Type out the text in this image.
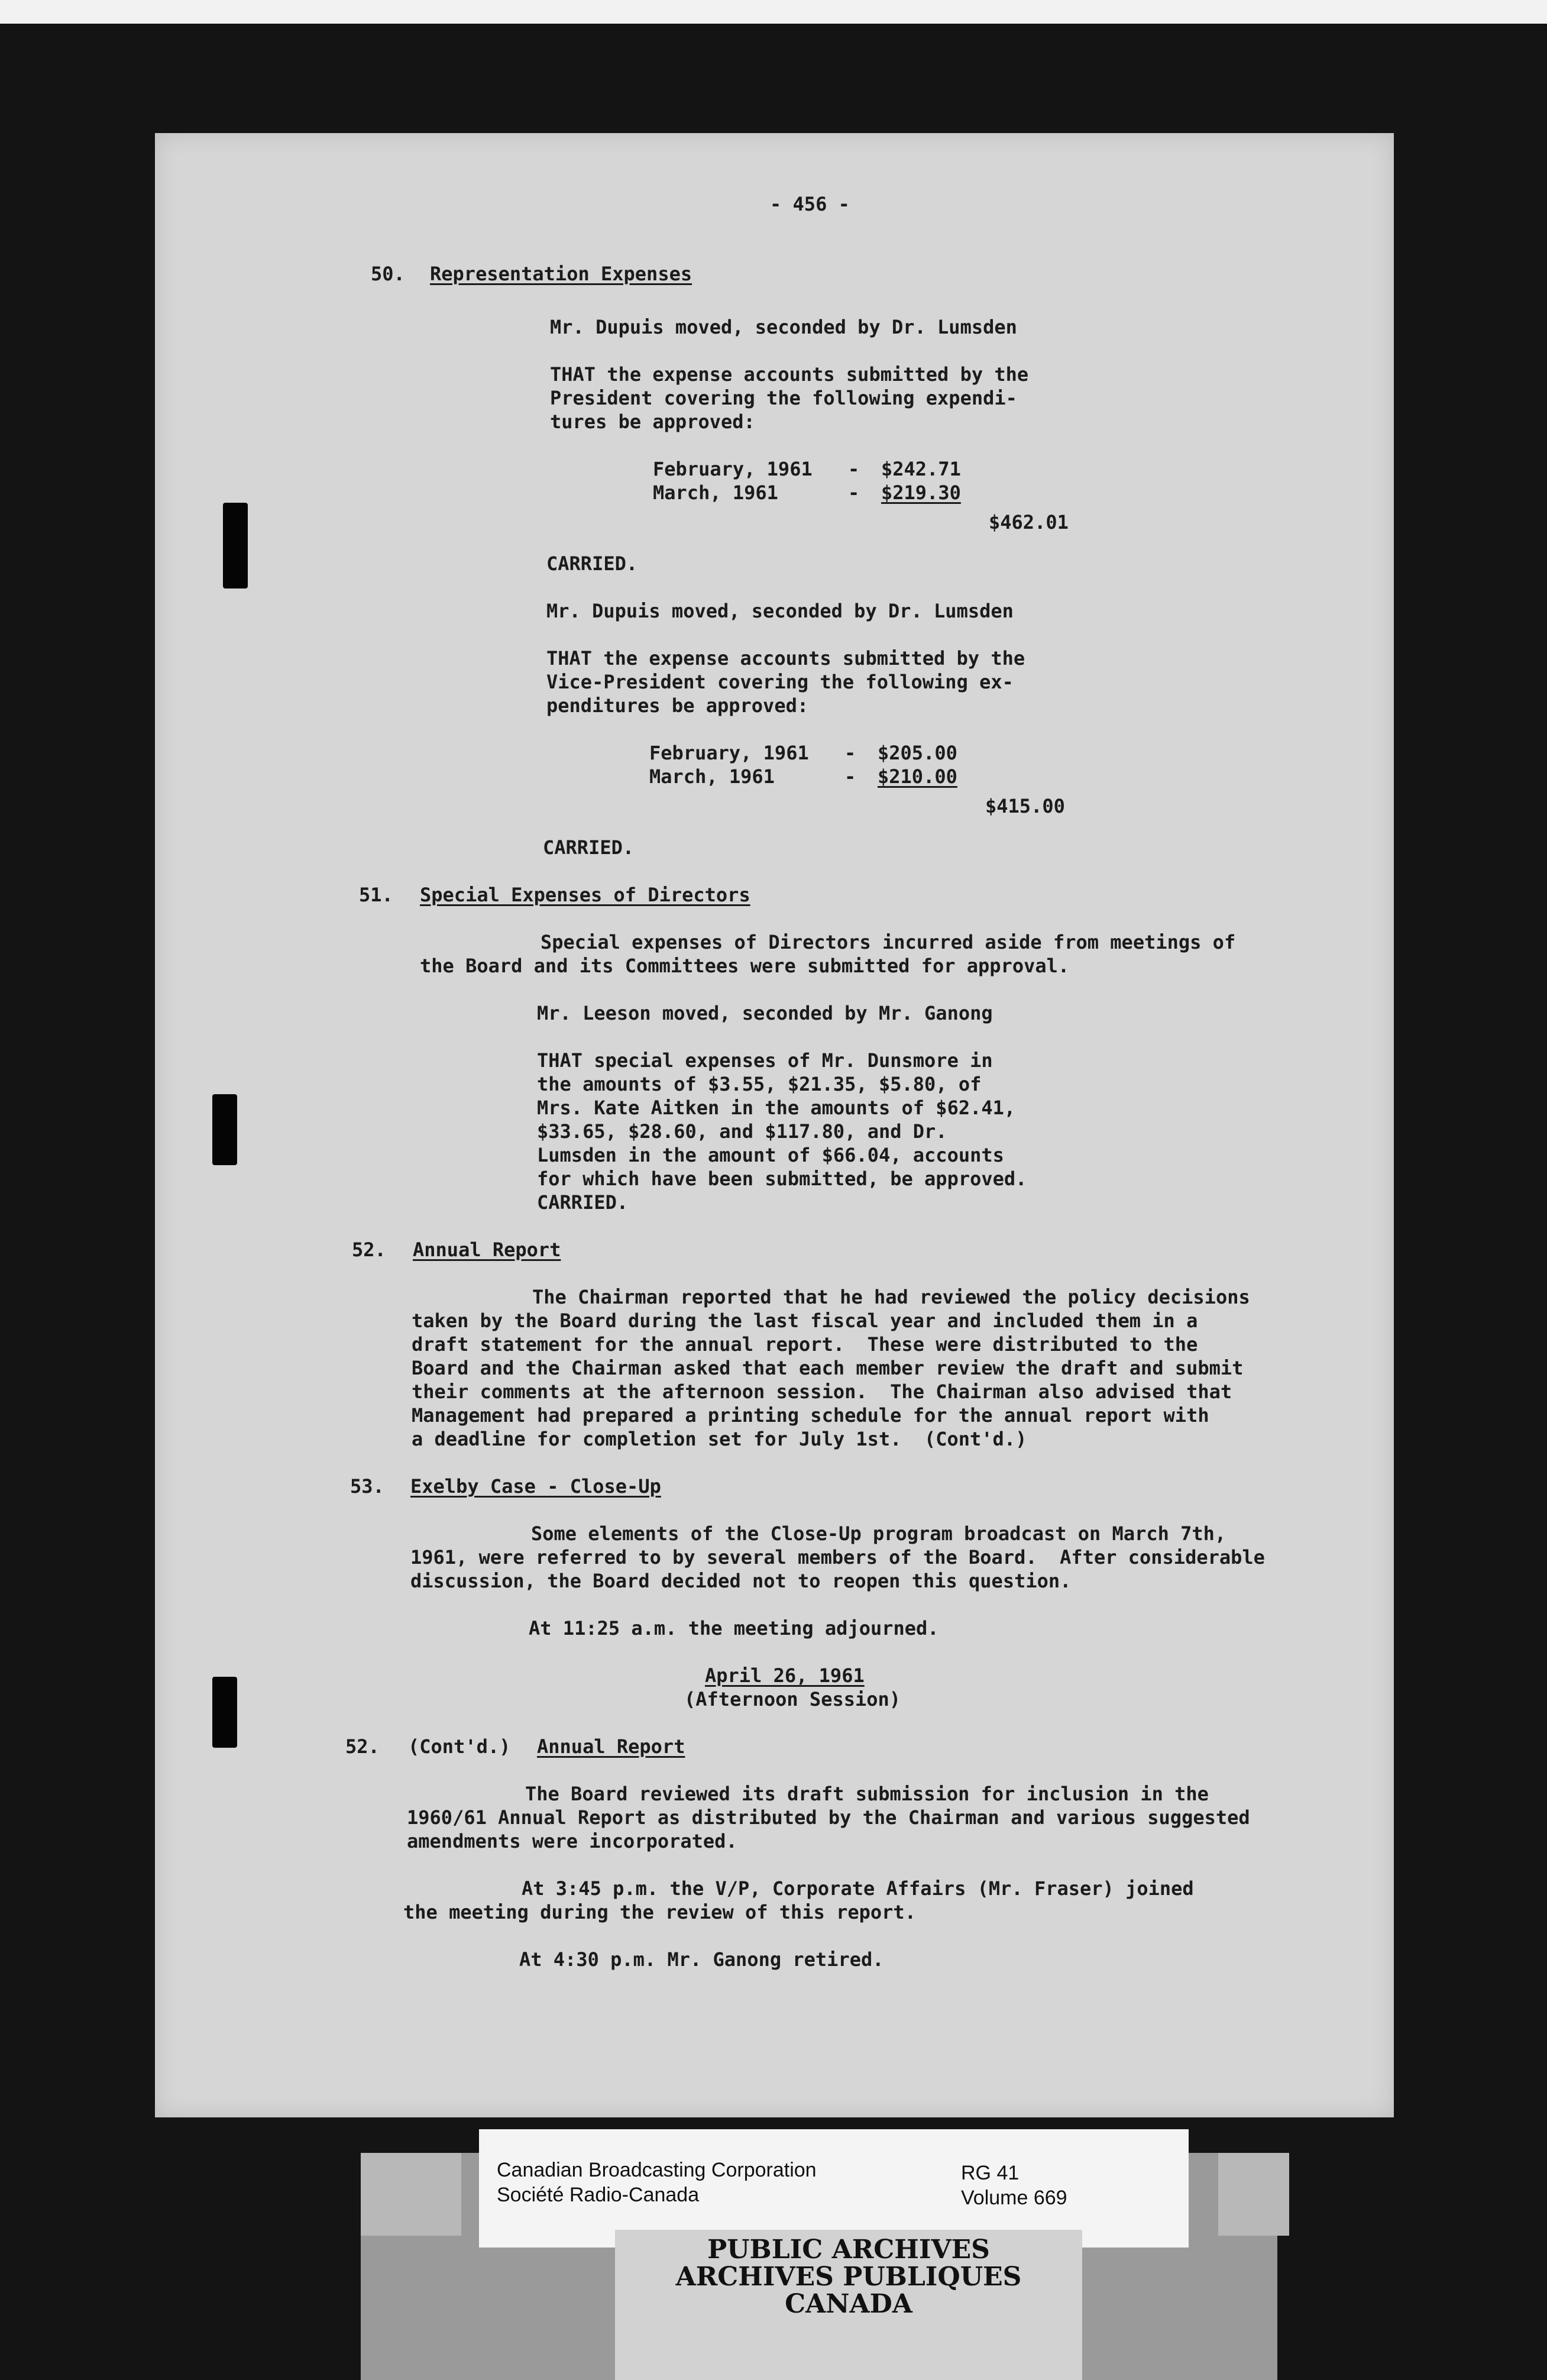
- 456 -

50. Representation Expenses

Mr. Dupuis moved, seconded by Dr. Lumsden

THAT the expense accounts submitted by the

President covering the following expendi-

tures be approved:

February, 1961 - $242.71

March, 1961	- $219.30

$462.01

CARRIED.

Mr. Dupuis moved, seconded by Dr. Lumsden

THAT the expense accounts submitted by the

Vice-President covering the following ex-

penditures be approved:

February, 1961 - $205.00

March, 1961	- $210.00

$415.00

CARRIED.

51. Special Expenses of Directors

Special expenses of Directors incurred aside from meetings of

the Board and its Committees were submitted for approval.

Mr. Leeson moved, seconded by Mr. Ganong

THAT special expenses of Mr. Dunsmore in

the amounts of $3.55, $21.35, $5.80, of

Mrs. Kate Aitken in the amounts of $62.41,

$33.65, $28.60, and $117.80, and Dr.

Lumsden in the amount of $66.04, accounts

for which have been submitted, be approved.

CARRIED.

52. Annual Report

The Chairman reported that he had reviewed the policy decisions

taken by the Board during the last fiscal year and included them in a

draft statement for the annual report.  These were distributed to the

Board and the Chairman asked that each member review the draft and submit

their comments at the afternoon session.  The Chairman also advised that

Management had prepared a printing schedule for the annual report with

a deadline for completion set for July 1st.  (Cont'd.)

53. Exelby Case - Close-Up

Some elements of the Close-Up program broadcast on March 7th,

1961, were referred to by several members of the Board.  After considerable

discussion, the Board decided not to reopen this question.

At 11:25 a.m. the meeting adjourned.

April 26, 1961

(Afternoon Session)

52. (Cont'd.) Annual Report

The Board reviewed its draft submission for inclusion in the

1960/61 Annual Report as distributed by the Chairman and various suggested

amendments were incorporated.

At 3:45 p.m. the V/P, Corporate Affairs (Mr. Fraser) joined

the meeting during the review of this report.

At 4:30 p.m. Mr. Ganong retired.

Canadian Broadcasting Corporation

Société Radio-Canada

RG 41

Volume 669

PUBLIC ARCHIVES

ARCHIVES PUBLIQUES

CANADA
